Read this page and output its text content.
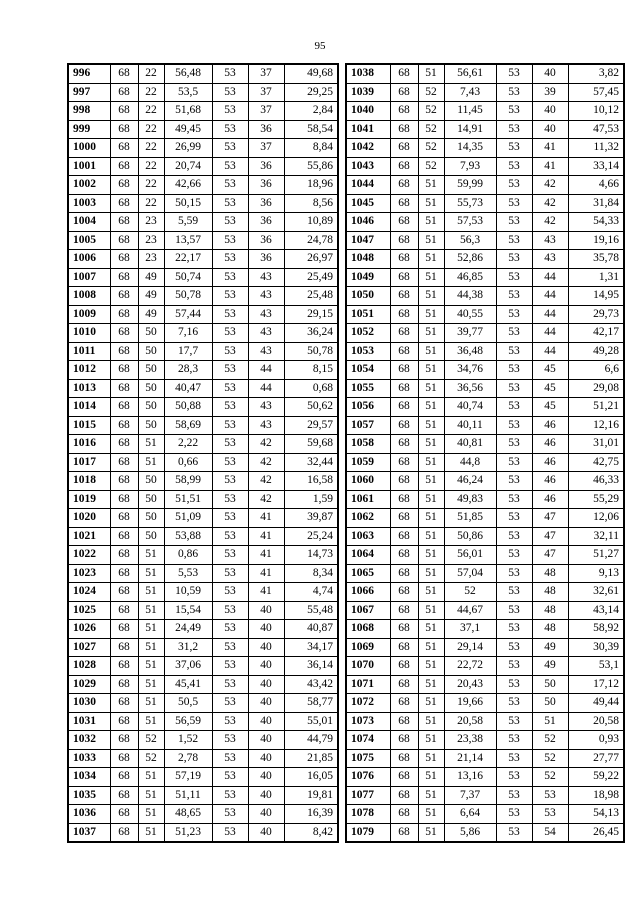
95
996	68	22	56,48	53	37	49,68
997	68	22	53,5	53	37	29,25
998	68	22	51,68	53	37	2,84
999	68	22	49,45	53	36	58,54
1000	68	22	26,99	53	37	8,84
1001	68	22	20,74	53	36	55,86
1002	68	22	42,66	53	36	18,96
1003	68	22	50,15	53	36	8,56
1004	68	23	5,59	53	36	10,89
1005	68	23	13,57	53	36	24,78
1006	68	23	22,17	53	36	26,97
1007	68	49	50,74	53	43	25,49
1008	68	49	50,78	53	43	25,48
1009	68	49	57,44	53	43	29,15
1010	68	50	7,16	53	43	36,24
1011	68	50	17,7	53	43	50,78
1012	68	50	28,3	53	44	8,15
1013	68	50	40,47	53	44	0,68
1014	68	50	50,88	53	43	50,62
1015	68	50	58,69	53	43	29,57
1016	68	51	2,22	53	42	59,68
1017	68	51	0,66	53	42	32,44
1018	68	50	58,99	53	42	16,58
1019	68	50	51,51	53	42	1,59
1020	68	50	51,09	53	41	39,87
1021	68	50	53,88	53	41	25,24
1022	68	51	0,86	53	41	14,73
1023	68	51	5,53	53	41	8,34
1024	68	51	10,59	53	41	4,74
1025	68	51	15,54	53	40	55,48
1026	68	51	24,49	53	40	40,87
1027	68	51	31,2	53	40	34,17
1028	68	51	37,06	53	40	36,14
1029	68	51	45,41	53	40	43,42
1030	68	51	50,5	53	40	58,77
1031	68	51	56,59	53	40	55,01
1032	68	52	1,52	53	40	44,79
1033	68	52	2,78	53	40	21,85
1034	68	51	57,19	53	40	16,05
1035	68	51	51,11	53	40	19,81
1036	68	51	48,65	53	40	16,39
1037	68	51	51,23	53	40	8,42
1038	68	51	56,61	53	40	3,82
1039	68	52	7,43	53	39	57,45
1040	68	52	11,45	53	40	10,12
1041	68	52	14,91	53	40	47,53
1042	68	52	14,35	53	41	11,32
1043	68	52	7,93	53	41	33,14
1044	68	51	59,99	53	42	4,66
1045	68	51	55,73	53	42	31,84
1046	68	51	57,53	53	42	54,33
1047	68	51	56,3	53	43	19,16
1048	68	51	52,86	53	43	35,78
1049	68	51	46,85	53	44	1,31
1050	68	51	44,38	53	44	14,95
1051	68	51	40,55	53	44	29,73
1052	68	51	39,77	53	44	42,17
1053	68	51	36,48	53	44	49,28
1054	68	51	34,76	53	45	6,6
1055	68	51	36,56	53	45	29,08
1056	68	51	40,74	53	45	51,21
1057	68	51	40,11	53	46	12,16
1058	68	51	40,81	53	46	31,01
1059	68	51	44,8	53	46	42,75
1060	68	51	46,24	53	46	46,33
1061	68	51	49,83	53	46	55,29
1062	68	51	51,85	53	47	12,06
1063	68	51	50,86	53	47	32,11
1064	68	51	56,01	53	47	51,27
1065	68	51	57,04	53	48	9,13
1066	68	51	52	53	48	32,61
1067	68	51	44,67	53	48	43,14
1068	68	51	37,1	53	48	58,92
1069	68	51	29,14	53	49	30,39
1070	68	51	22,72	53	49	53,1
1071	68	51	20,43	53	50	17,12
1072	68	51	19,66	53	50	49,44
1073	68	51	20,58	53	51	20,58
1074	68	51	23,38	53	52	0,93
1075	68	51	21,14	53	52	27,77
1076	68	51	13,16	53	52	59,22
1077	68	51	7,37	53	53	18,98
1078	68	51	6,64	53	53	54,13
1079	68	51	5,86	53	54	26,45
